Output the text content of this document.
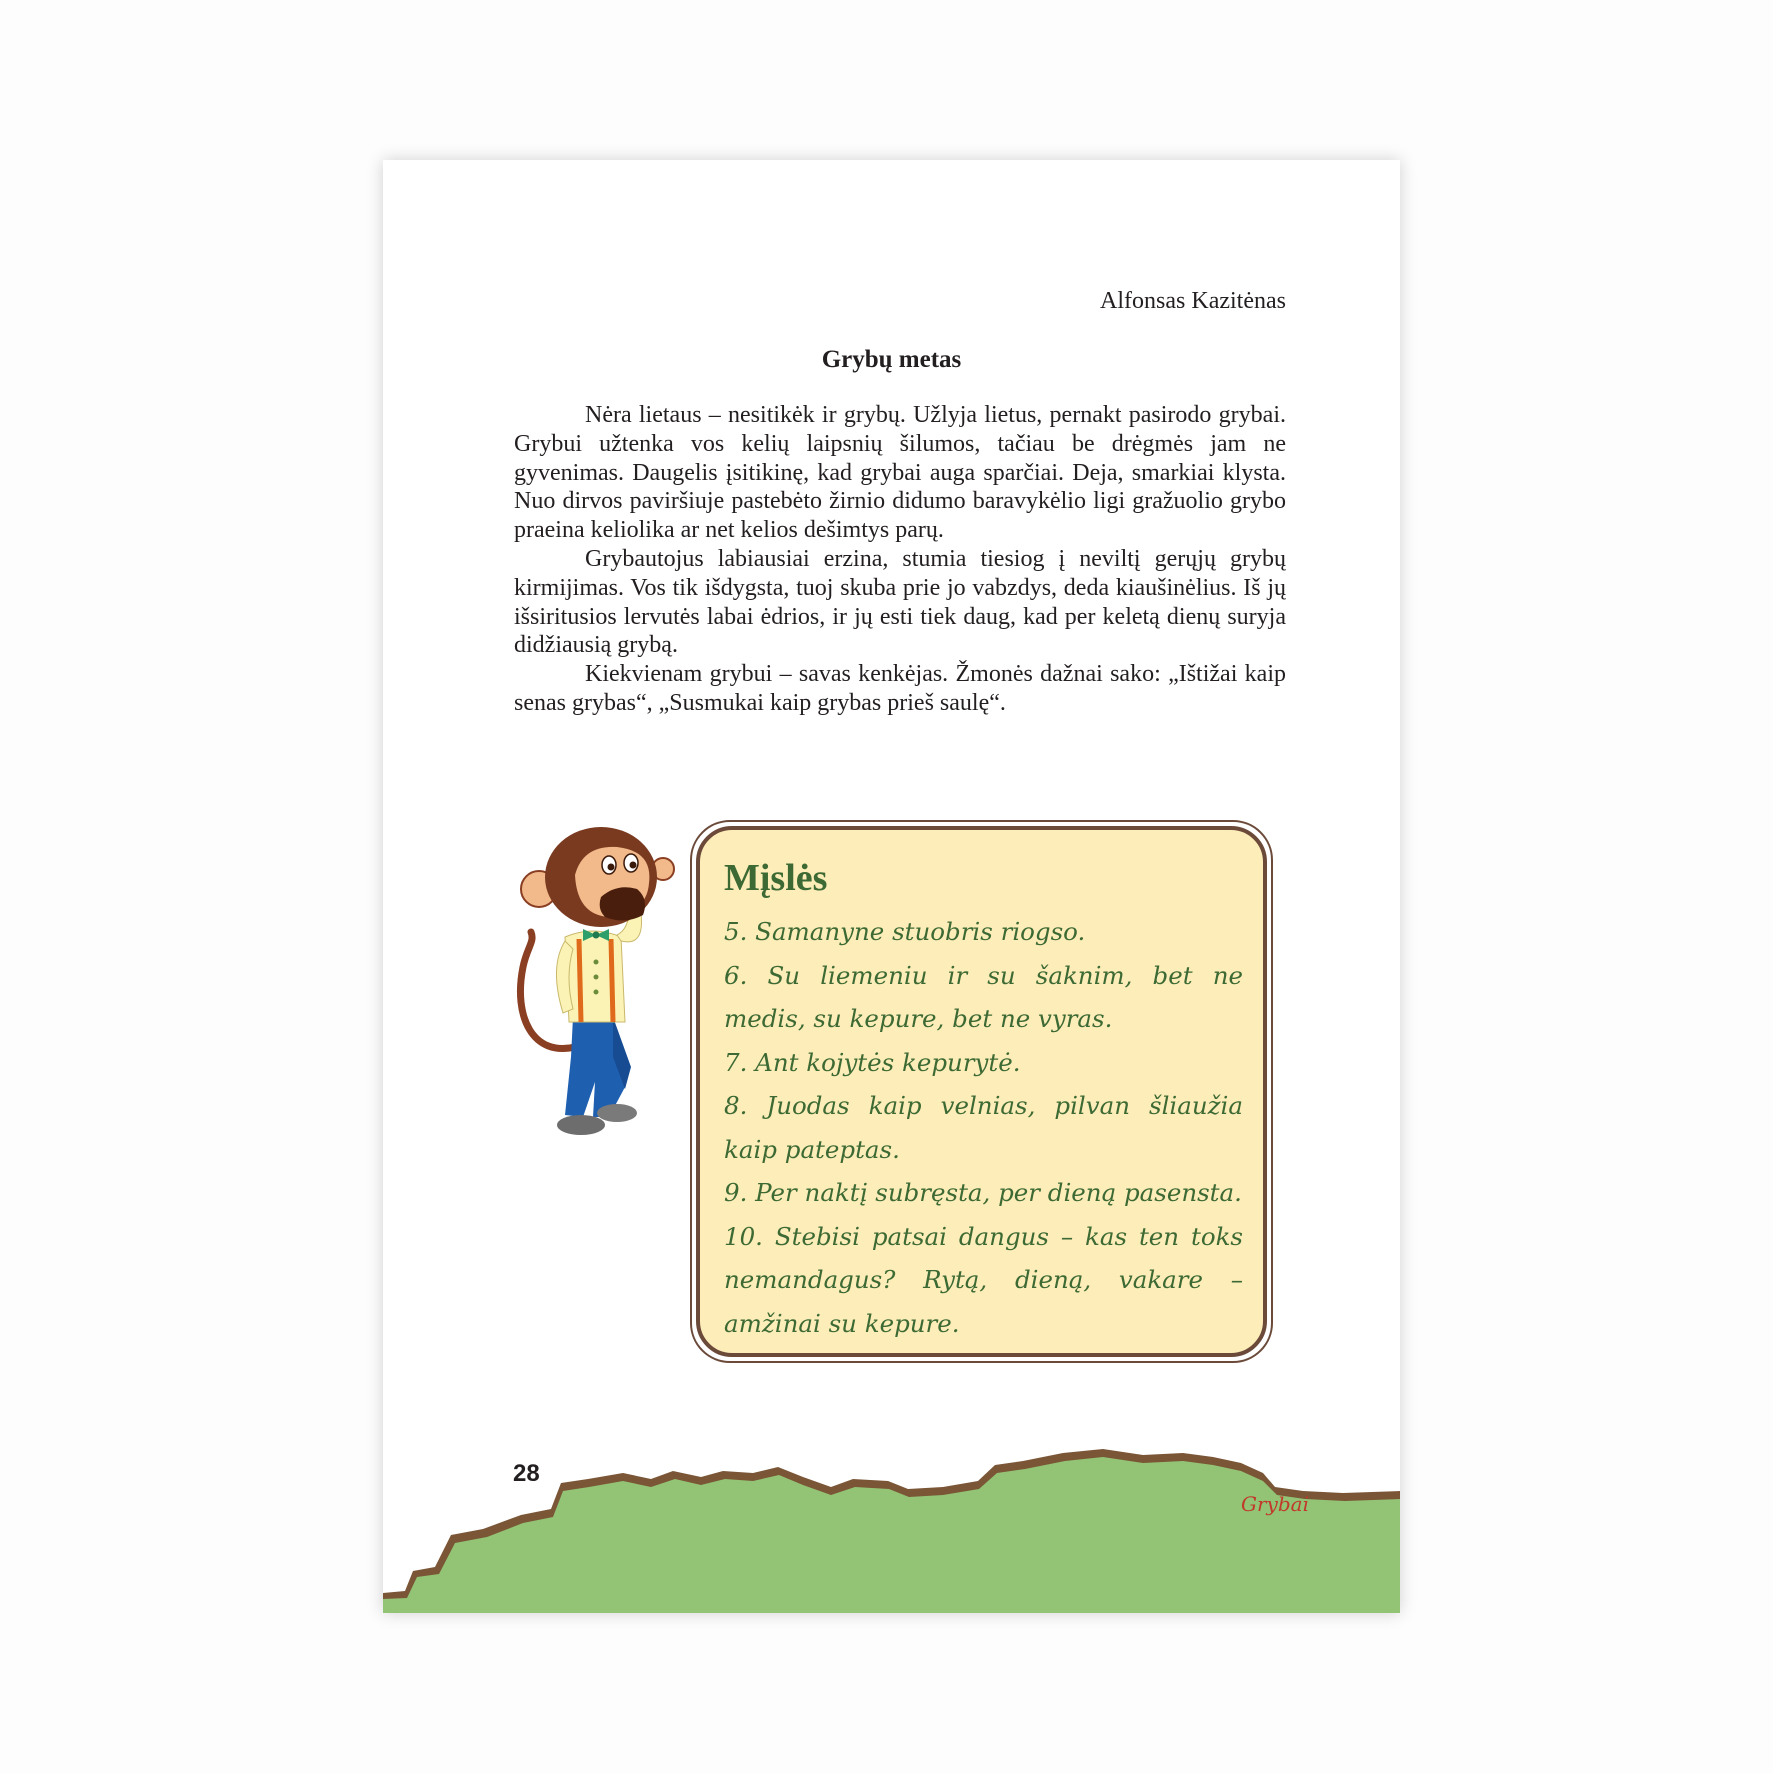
Alfonsas Kazitėnas
Grybų metas

Nėra lietaus – nesitikėk ir grybų. Užlyja lietus, pernakt pasirodo grybai. Grybui užtenka vos kelių laipsnių šilumos, tačiau be drėgmės jam ne gyvenimas. Daugelis įsitikinę, kad grybai auga sparčiai. Deja, smarkiai klysta. Nuo dirvos paviršiuje pastebėto žirnio didumo baravykėlio ligi gražuolio grybo praeina keliolika ar net kelios dešimtys parų.

Grybautojus labiausiai erzina, stumia tiesiog į neviltį gerųjų grybų kirmijimas. Vos tik išdygsta, tuoj skuba prie jo vabzdys, deda kiaušinėlius. Iš jų išsiritusios lervutės labai ėdrios, ir jų esti tiek daug, kad per keletą dienų suryja didžiausią grybą.

Kiekvienam grybui – savas kenkėjas. Žmonės dažnai sako: „Ištižai kaip senas grybas“, „Susmukai kaip grybas prieš saulę“.

Mįslės

5. Samanyne stuobris riogso.

6. Su liemeniu ir su šaknim, bet ne medis, su kepure, bet ne vyras.

7. Ant kojytės kepurytė.

8. Juodas kaip velnias, pilvan šliaužia kaip pateptas.

9. Per naktį subręsta, per dieną pasensta.

10. Stebisi patsai dangus – kas ten toks nemandagus? Rytą, dieną, vakare – amžinai su kepure.

28
Grybai
